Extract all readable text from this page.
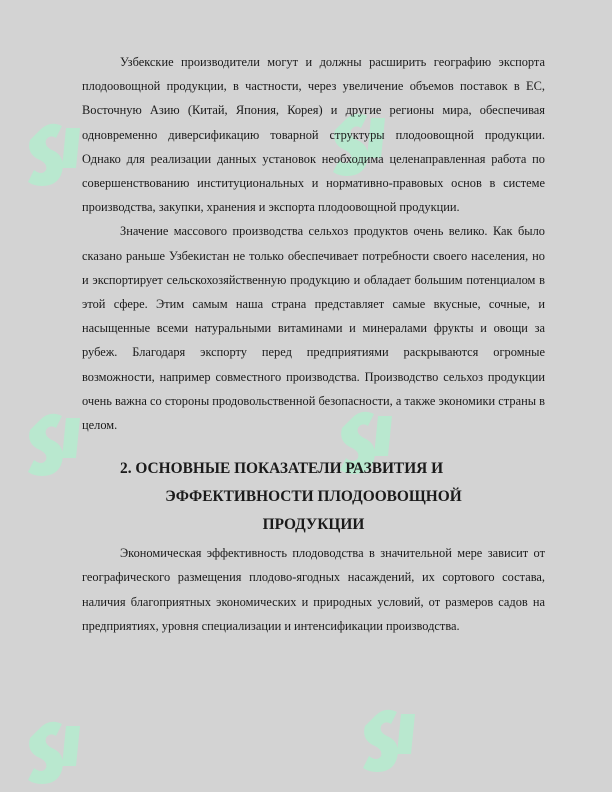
Узбекские производители могут и должны расширить географию экспорта плодоовощной продукции, в частности, через увеличение объемов поставок в ЕС, Восточную Азию (Китай, Япония, Корея) и другие регионы мира, обеспечивая одновременно диверсификацию товарной структуры плодоовощной продукции. Однако для реализации данных установок необходима целенаправленная работа по совершенствованию институциональных и нормативно-правовых основ в системе производства, закупки, хранения и экспорта плодоовощной продукции.

Значение массового производства сельхоз продуктов очень велико. Как было сказано раньше Узбекистан не только обеспечивает потребности своего населения, но и экспортирует сельскохозяйственную продукцию и обладает большим потенциалом в этой сфере. Этим самым наша страна представляет самые вкусные, сочные, и насыщенные всеми натуральными витаминами и минералами фрукты и овощи за рубеж. Благодаря экспорту перед предприятиями раскрываются огромные возможности, например совместного производства. Производство сельхоз продукции очень важна со стороны продовольственной безопасности, а также экономики страны в целом.

2. ОСНОВНЫЕ ПОКАЗАТЕЛИ РАЗВИТИЯ И
ЭФФЕКТИВНОСТИ ПЛОДООВОЩНОЙ
ПРОДУКЦИИ

Экономическая эффективность плодоводства в значительной мере зависит от географического размещения плодово-ягодных насаждений, их сортового состава, наличия благоприятных экономических и природных условий, от размеров садов на предприятиях, уровня специализации и интенсификации производства.
